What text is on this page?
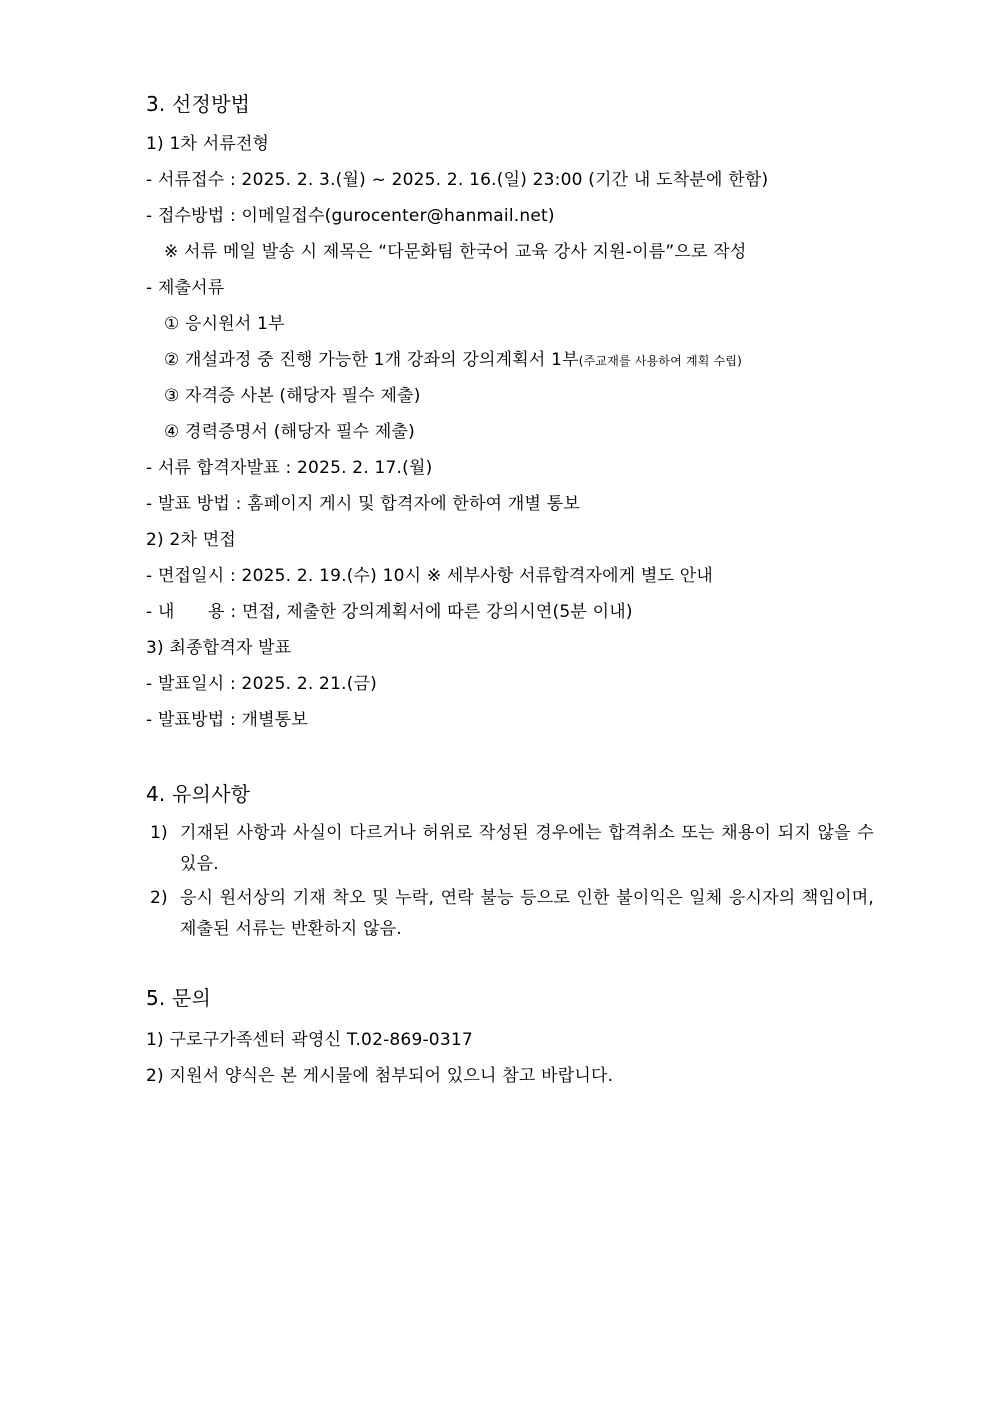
3. 선정방법
1) 1차 서류전형
- 서류접수 : 2025. 2. 3.(월) ~ 2025. 2. 16.(일) 23:00 (기간 내 도착분에 한함)
- 접수방법 : 이메일접수(gurocenter@hanmail.net)
※ 서류 메일 발송 시 제목은 “다문화팀 한국어 교육 강사 지원-이름”으로 작성
- 제출서류
① 응시원서 1부
② 개설과정 중 진행 가능한 1개 강좌의 강의계획서 1부(주교재를 사용하여 계획 수립)
③ 자격증 사본 (해당자 필수 제출)
④ 경력증명서 (해당자 필수 제출)
- 서류 합격자발표 : 2025. 2. 17.(월)
- 발표 방법 : 홈페이지 게시 및 합격자에 한하여 개별 통보
2) 2차 면접
- 면접일시 : 2025. 2. 19.(수) 10시 ※ 세부사항 서류합격자에게 별도 안내
- 내      용 : 면접, 제출한 강의계획서에 따른 강의시연(5분 이내)
3) 최종합격자 발표
- 발표일시 : 2025. 2. 21.(금)
- 발표방법 : 개별통보
4. 유의사항
1) 기재된 사항과 사실이 다르거나 허위로 작성된 경우에는 합격취소 또는 채용이 되지 않을 수 있음.
2) 응시 원서상의 기재 착오 및 누락, 연락 불능 등으로 인한 불이익은 일체 응시자의 책임이며, 제출된 서류는 반환하지 않음.
5. 문의
1) 구로구가족센터 곽영신 T.02-869-0317
2) 지원서 양식은 본 게시물에 첨부되어 있으니 참고 바랍니다.
